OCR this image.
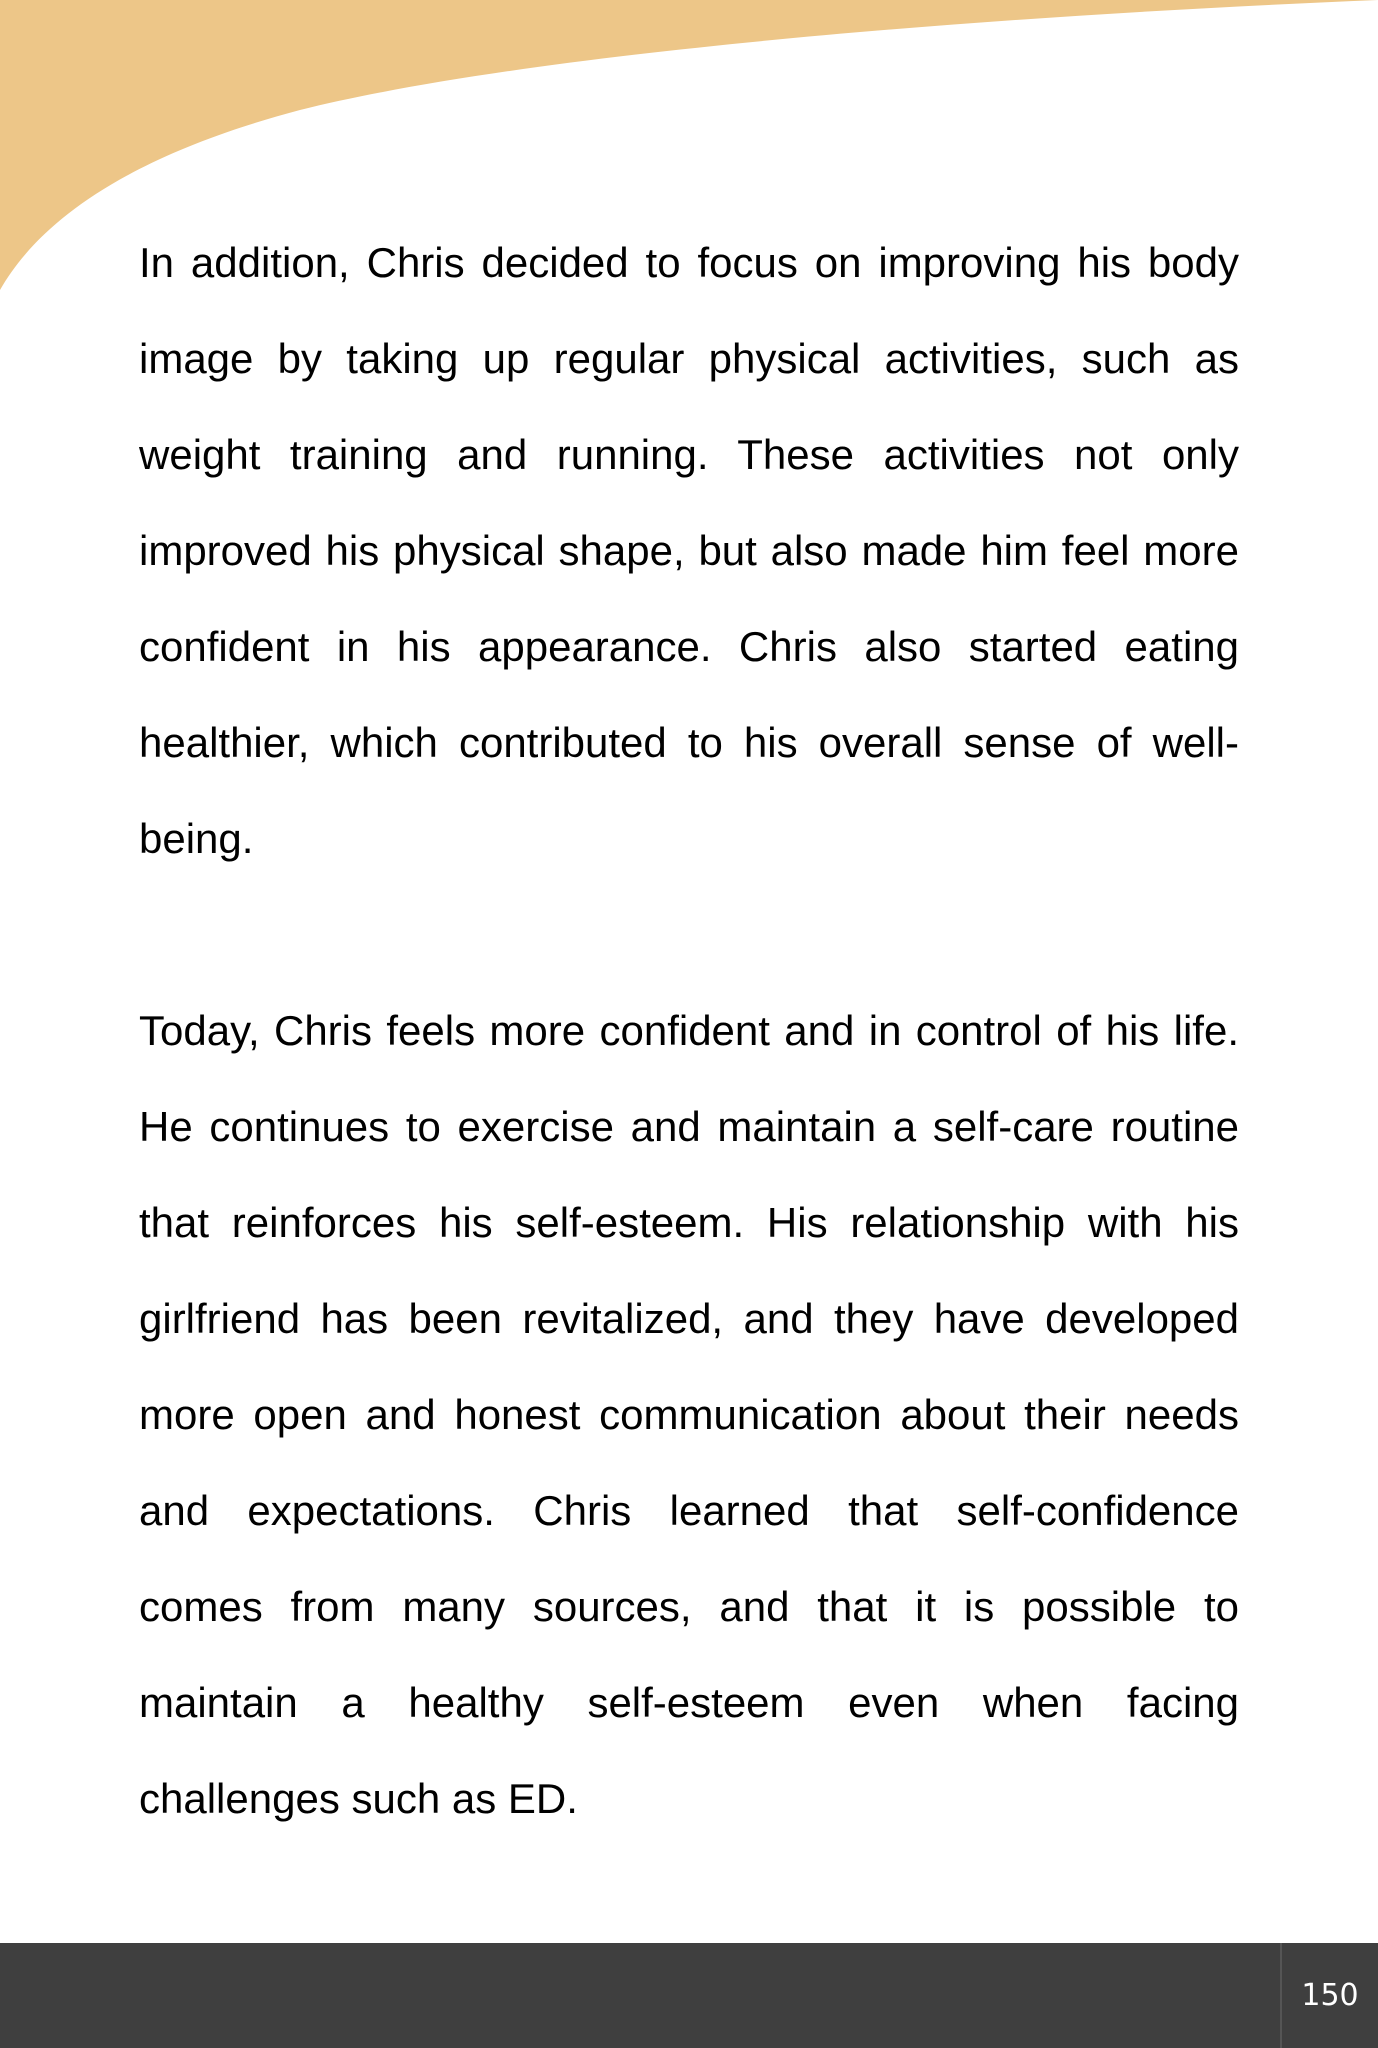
In addition, Chris decided to focus on improving his body image by taking up regular physical activities, such as weight training and running. These activities not only improved his physical shape, but also made him feel more confident in his appearance. Chris also started eating healthier, which contributed to his overall sense of well-being.

Today, Chris feels more confident and in control of his life. He continues to exercise and maintain a self-care routine that reinforces his self-esteem. His relationship with his girlfriend has been revitalized, and they have developed more open and honest communication about their needs and expectations. Chris learned that self-confidence comes from many sources, and that it is possible to maintain a healthy self-esteem even when facing challenges such as ED.

150
